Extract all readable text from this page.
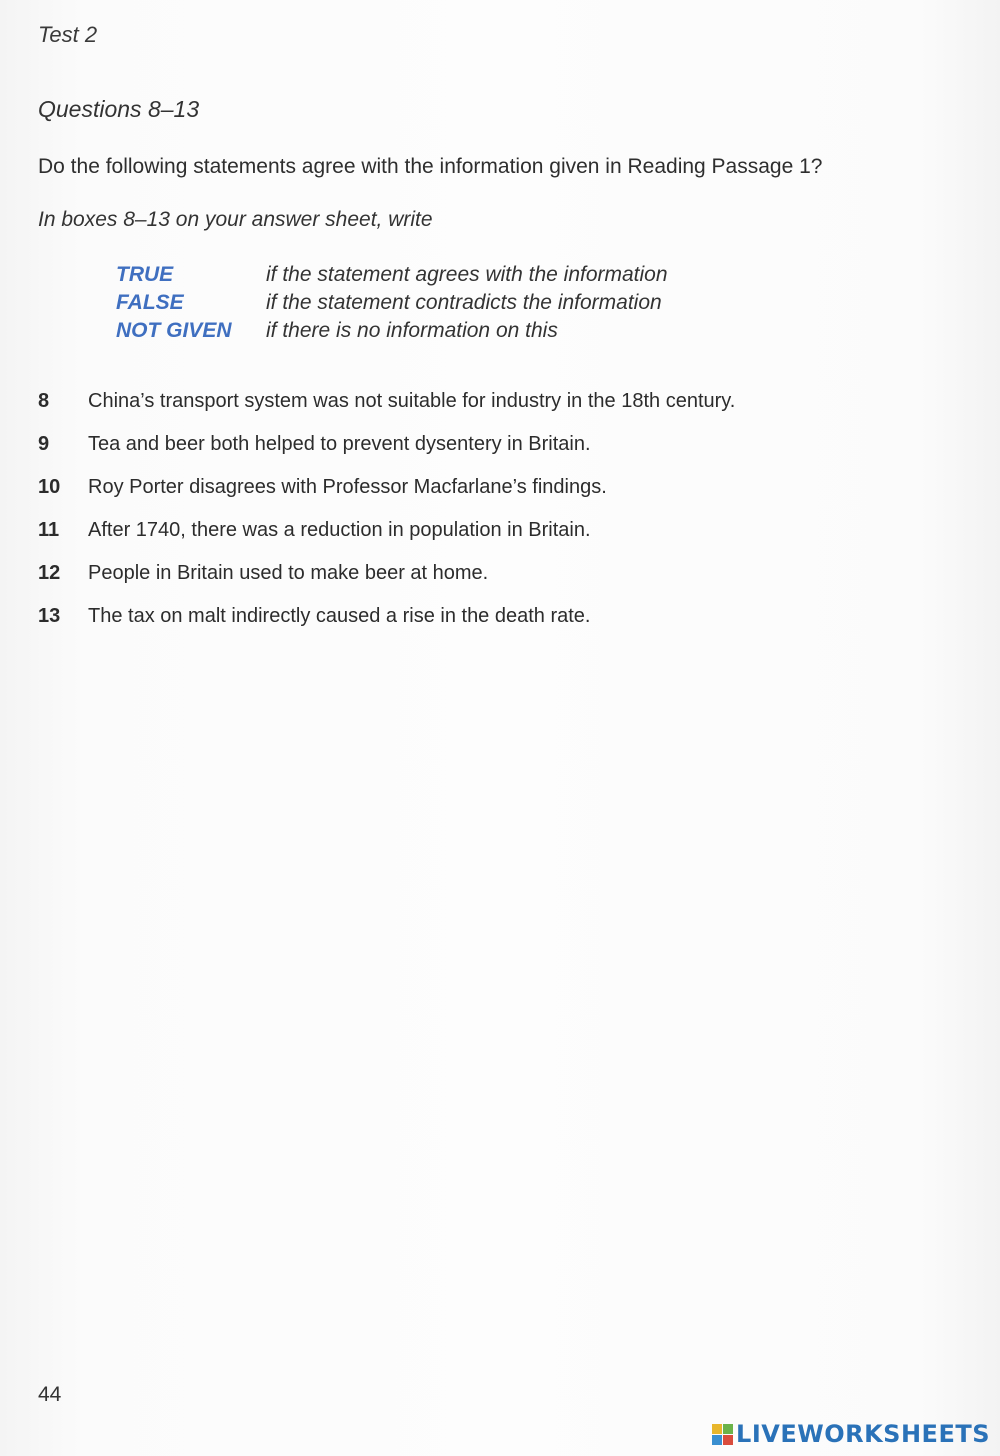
Test 2
Questions 8–13
Do the following statements agree with the information given in Reading Passage 1?
In boxes 8–13 on your answer sheet, write
TRUE	if the statement agrees with the information
FALSE	if the statement contradicts the information
NOT GIVEN	if there is no information on this
8	China’s transport system was not suitable for industry in the 18th century.
9	Tea and beer both helped to prevent dysentery in Britain.
10	Roy Porter disagrees with Professor Macfarlane’s findings.
11	After 1740, there was a reduction in population in Britain.
12	People in Britain used to make beer at home.
13	The tax on malt indirectly caused a rise in the death rate.
44
LIVEWORKSHEETS
